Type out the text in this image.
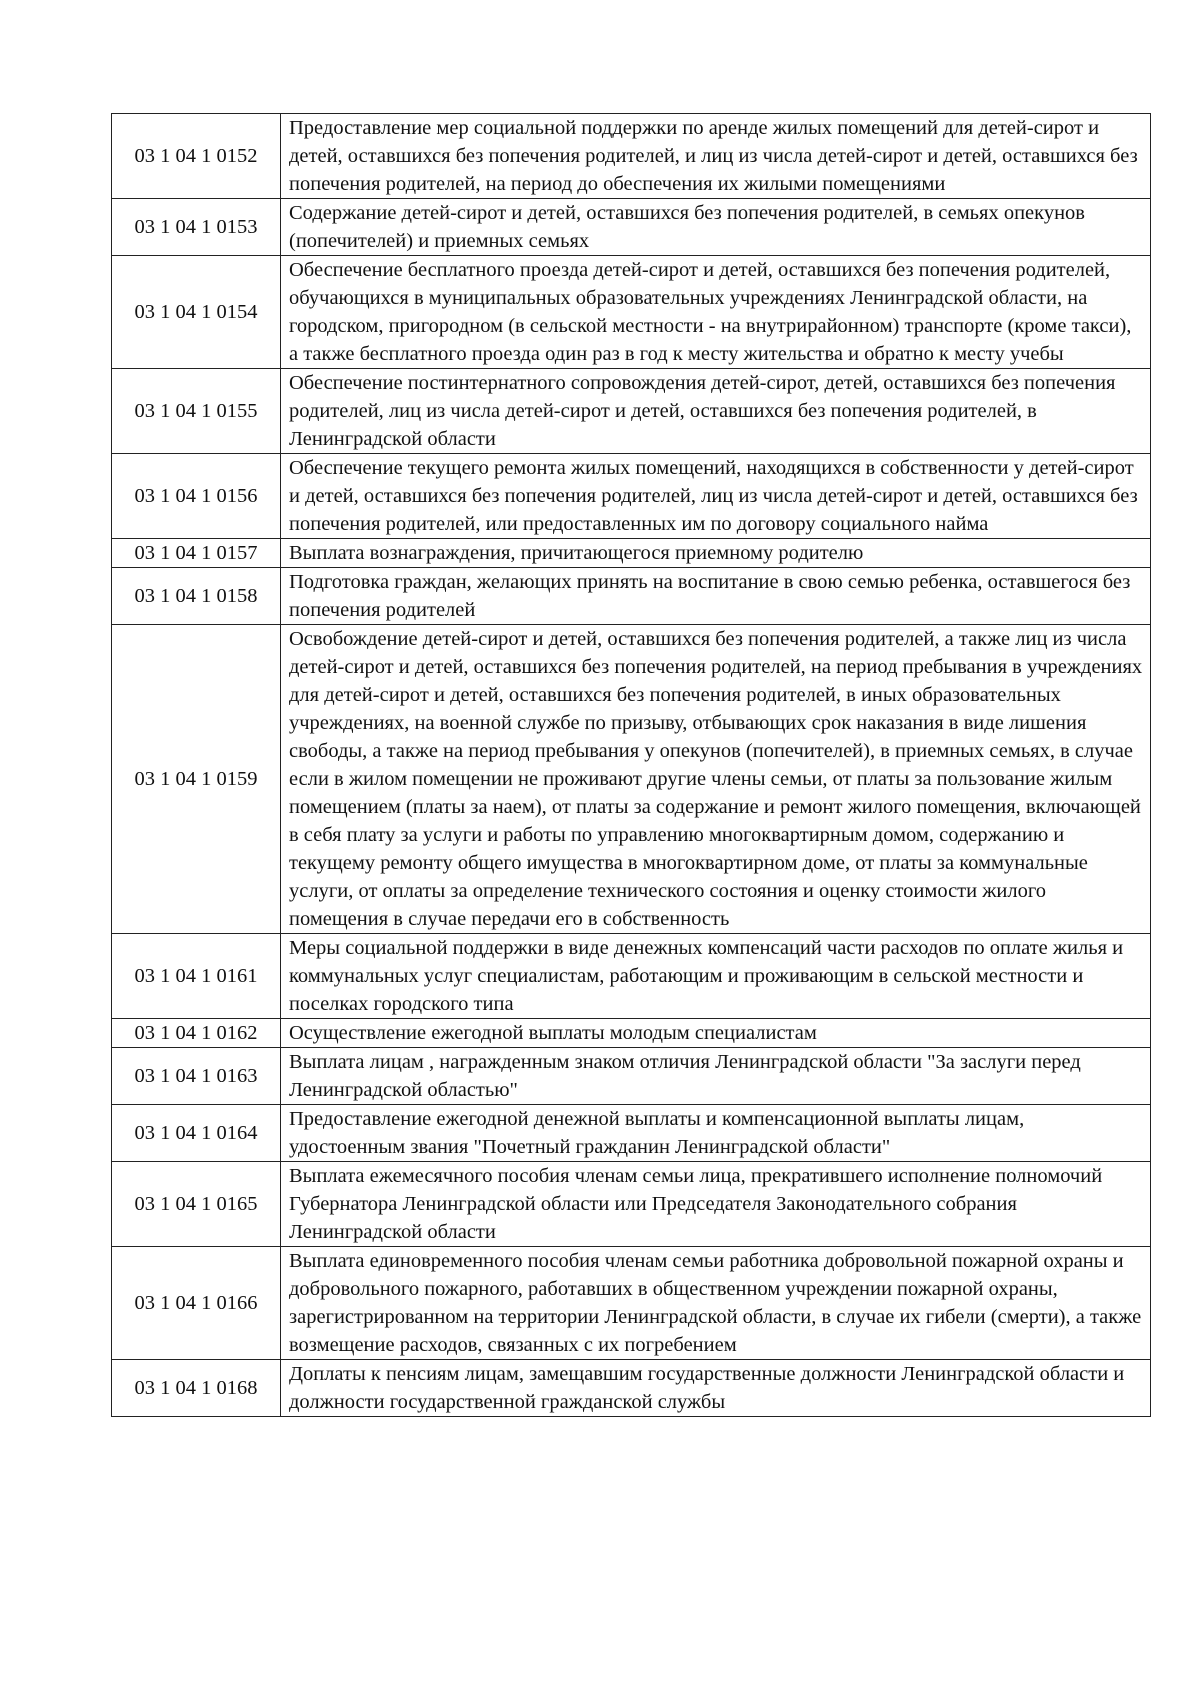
03 1 04 1 0152	Предоставление мер социальной поддержки по аренде жилых помещений для детей-сирот и детей, оставшихся без попечения родителей, и лиц из числа детей-сирот и детей, оставшихся без попечения родителей, на период до обеспечения их жилыми помещениями
03 1 04 1 0153	Содержание детей-сирот и детей, оставшихся без попечения родителей, в семьях опекунов (попечителей) и приемных семьях
03 1 04 1 0154	Обеспечение бесплатного проезда детей-сирот и детей, оставшихся без попечения родителей, обучающихся в муниципальных образовательных учреждениях Ленинградской области, на городском, пригородном (в сельской местности - на внутрирайонном) транспорте (кроме такси), а также бесплатного проезда один раз в год к месту жительства и обратно к месту учебы
03 1 04 1 0155	Обеспечение постинтернатного сопровождения детей-сирот, детей, оставшихся без попечения родителей, лиц из числа детей-сирот и детей, оставшихся без попечения родителей, в Ленинградской области
03 1 04 1 0156	Обеспечение текущего ремонта жилых помещений, находящихся в собственности у детей-сирот и детей, оставшихся без попечения родителей, лиц из числа детей-сирот и детей, оставшихся без попечения родителей, или предоставленных им по договору социального найма
03 1 04 1 0157	Выплата вознаграждения, причитающегося приемному родителю
03 1 04 1 0158	Подготовка граждан, желающих принять на воспитание в свою семью ребенка, оставшегося без попечения родителей
03 1 04 1 0159	Освобождение детей-сирот и детей, оставшихся без попечения родителей, а также лиц из числа детей-сирот и детей, оставшихся без попечения родителей, на период пребывания в учреждениях для детей-сирот и детей, оставшихся без попечения родителей, в иных образовательных учреждениях, на военной службе по призыву, отбывающих срок наказания в виде лишения свободы, а также на период пребывания у опекунов (попечителей), в приемных семьях, в случае если в жилом помещении не проживают другие члены семьи, от платы за пользование жилым помещением (платы за наем), от платы за содержание и ремонт жилого помещения, включающей в себя плату за услуги и работы по управлению многоквартирным домом, содержанию и текущему ремонту общего имущества в многоквартирном доме, от платы за коммунальные услуги, от оплаты за определение технического состояния и оценку стоимости жилого помещения в случае передачи его в собственность
03 1 04 1 0161	Меры социальной поддержки в виде денежных компенсаций части расходов по оплате жилья и коммунальных услуг специалистам, работающим и проживающим в сельской местности и поселках городского типа
03 1 04 1 0162	Осуществление ежегодной выплаты молодым специалистам
03 1 04 1 0163	Выплата лицам , награжденным знаком отличия Ленинградской области "За заслуги перед Ленинградской областью"
03 1 04 1 0164	Предоставление ежегодной денежной выплаты и компенсационной выплаты лицам, удостоенным звания "Почетный гражданин Ленинградской области"
03 1 04 1 0165	Выплата ежемесячного пособия членам семьи лица, прекратившего исполнение полномочий Губернатора Ленинградской области или Председателя Законодательного собрания Ленинградской области
03 1 04 1 0166	Выплата единовременного пособия членам семьи работника добровольной пожарной охраны и добровольного пожарного, работавших в общественном учреждении пожарной охраны, зарегистрированном на территории Ленинградской области, в случае их гибели (смерти), а также возмещение расходов, связанных с их погребением
03 1 04 1 0168	Доплаты к пенсиям лицам, замещавшим государственные должности Ленинградской области и должности государственной гражданской службы
